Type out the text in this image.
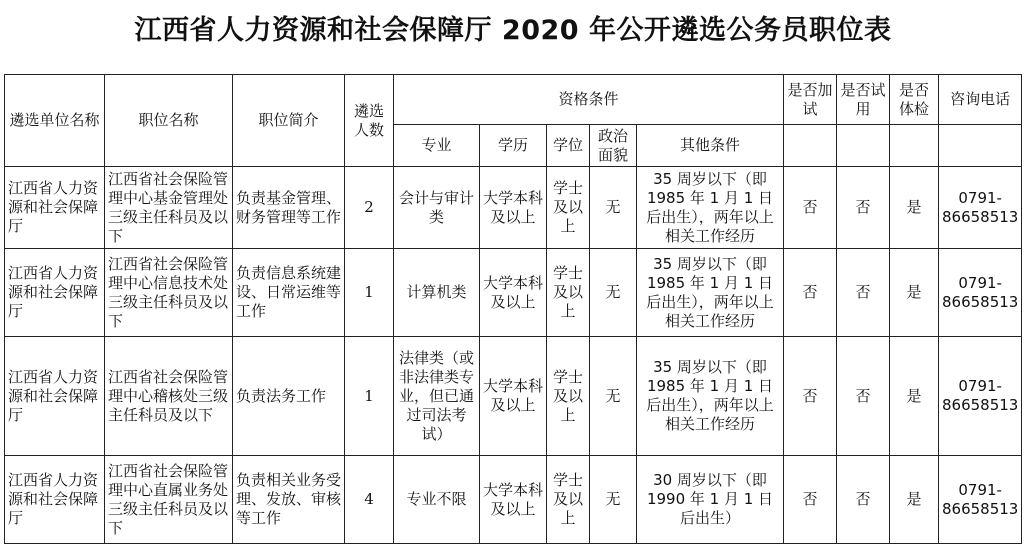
江西省人力资源和社会保障厅 2020 年公开遴选公务员职位表
遴选单位名称	职位名称	职位简介	遴选人数	资格条件					是否加试	是否试用	是否体检	咨询电话
				专业	学历	学位	政治面貌	其他条件				
江西省人力资源和社会保障厅	江西省社会保险管理中心基金管理处三级主任科员及以下	负责基金管理、财务管理等工作	2	会计与审计类	大学本科及以上	学士及以上	无	35 周岁以下（即 1985 年 1 月 1 日后出生），两年以上相关工作经历	否	否	是	0791-86658513
江西省人力资源和社会保障厅	江西省社会保险管理中心信息技术处三级主任科员及以下	负责信息系统建设、日常运维等工作	1	计算机类	大学本科及以上	学士及以上	无	35 周岁以下（即 1985 年 1 月 1 日后出生），两年以上相关工作经历	否	否	是	0791-86658513
江西省人力资源和社会保障厅	江西省社会保险管理中心稽核处三级主任科员及以下	负责法务工作	1	法律类（或非法律类专业，但已通过司法考试）	大学本科及以上	学士及以上	无	35 周岁以下（即 1985 年 1 月 1 日后出生），两年以上相关工作经历	否	否	是	0791-86658513
江西省人力资源和社会保障厅	江西省社会保险管理中心直属业务处三级主任科员及以下	负责相关业务受理、发放、审核等工作	4	专业不限	大学本科及以上	学士及以上	无	30 周岁以下（即 1990 年 1 月 1 日后出生）	否	否	是	0791-86658513
